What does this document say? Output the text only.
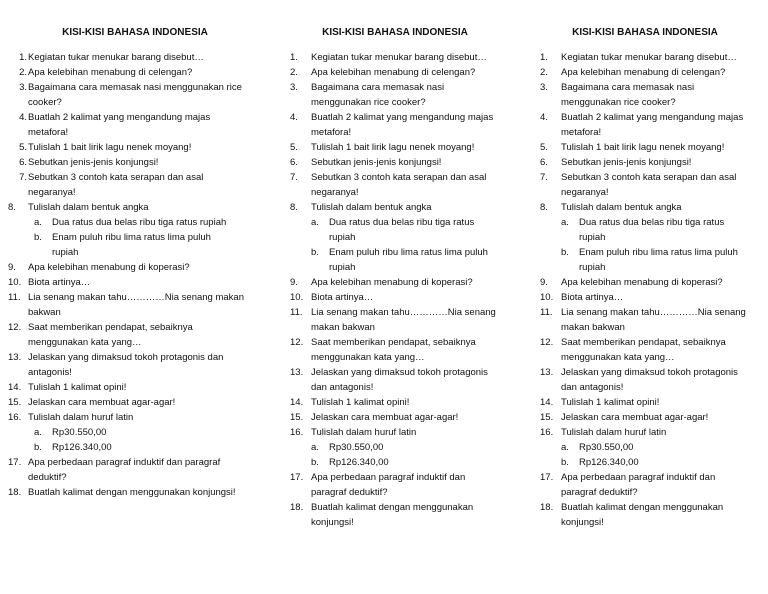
KISI-KISI BAHASA INDONESIA
1. Kegiatan tukar menukar barang disebut…
2. Apa kelebihan menabung di celengan?
3. Bagaimana cara memasak nasi menggunakan rice cooker?
4. Buatlah 2 kalimat yang mengandung majas metafora!
5. Tulislah 1 bait lirik lagu nenek moyang!
6. Sebutkan jenis-jenis konjungsi!
7. Sebutkan 3 contoh kata serapan dan asal negaranya!
8.	Tulislah dalam bentuk angka
a.	Dua ratus dua belas ribu tiga ratus rupiah
b.	Enam puluh ribu lima ratus lima puluh rupiah
9.	Apa kelebihan menabung di koperasi?
10. Biota artinya…
11. Lia senang makan tahu…………Nia senang makan bakwan
12. Saat memberikan pendapat, sebaiknya menggunakan kata yang…
13. Jelaskan yang dimaksud tokoh protagonis dan antagonis!
14. Tulislah 1 kalimat opini!
15. Jelaskan cara membuat agar-agar!
16. Tulislah dalam huruf latin
a.	Rp30.550,00
b.	Rp126.340,00
17. Apa perbedaan paragraf induktif dan paragraf deduktif?
18. Buatlah kalimat dengan menggunakan konjungsi!
KISI-KISI BAHASA INDONESIA
1.	Kegiatan tukar menukar barang disebut…
2.	Apa kelebihan menabung di celengan?
3.	Bagaimana cara memasak nasi menggunakan rice cooker?
4.	Buatlah 2 kalimat yang mengandung majas metafora!
5.	Tulislah 1 bait lirik lagu nenek moyang!
6.	Sebutkan jenis-jenis konjungsi!
7.	Sebutkan 3 contoh kata serapan dan asal negaranya!
8.	Tulislah dalam bentuk angka
a.	Dua ratus dua belas ribu tiga ratus rupiah
b.	Enam puluh ribu lima ratus lima puluh rupiah
9.	Apa kelebihan menabung di koperasi?
10. Biota artinya…
11. Lia senang makan tahu…………Nia senang makan bakwan
12. Saat memberikan pendapat, sebaiknya menggunakan kata yang…
13. Jelaskan yang dimaksud tokoh protagonis dan antagonis!
14. Tulislah 1 kalimat opini!
15. Jelaskan cara membuat agar-agar!
16. Tulislah dalam huruf latin
a.	Rp30.550,00
b.	Rp126.340,00
17. Apa perbedaan paragraf induktif dan paragraf deduktif?
18. Buatlah kalimat dengan menggunakan konjungsi!
KISI-KISI BAHASA INDONESIA
1.	Kegiatan tukar menukar barang disebut…
2.	Apa kelebihan menabung di celengan?
3.	Bagaimana cara memasak nasi menggunakan rice cooker?
4.	Buatlah 2 kalimat yang mengandung majas metafora!
5.	Tulislah 1 bait lirik lagu nenek moyang!
6.	Sebutkan jenis-jenis konjungsi!
7.	Sebutkan 3 contoh kata serapan dan asal negaranya!
8.	Tulislah dalam bentuk angka
a.	Dua ratus dua belas ribu tiga ratus rupiah
b.	Enam puluh ribu lima ratus lima puluh rupiah
9.	Apa kelebihan menabung di koperasi?
10. Biota artinya…
11. Lia senang makan tahu…………Nia senang makan bakwan
12. Saat memberikan pendapat, sebaiknya menggunakan kata yang…
13. Jelaskan yang dimaksud tokoh protagonis dan antagonis!
14. Tulislah 1 kalimat opini!
15. Jelaskan cara membuat agar-agar!
16. Tulislah dalam huruf latin
a.	Rp30.550,00
b.	Rp126.340,00
17. Apa perbedaan paragraf induktif dan paragraf deduktif?
18. Buatlah kalimat dengan menggunakan konjungsi!
